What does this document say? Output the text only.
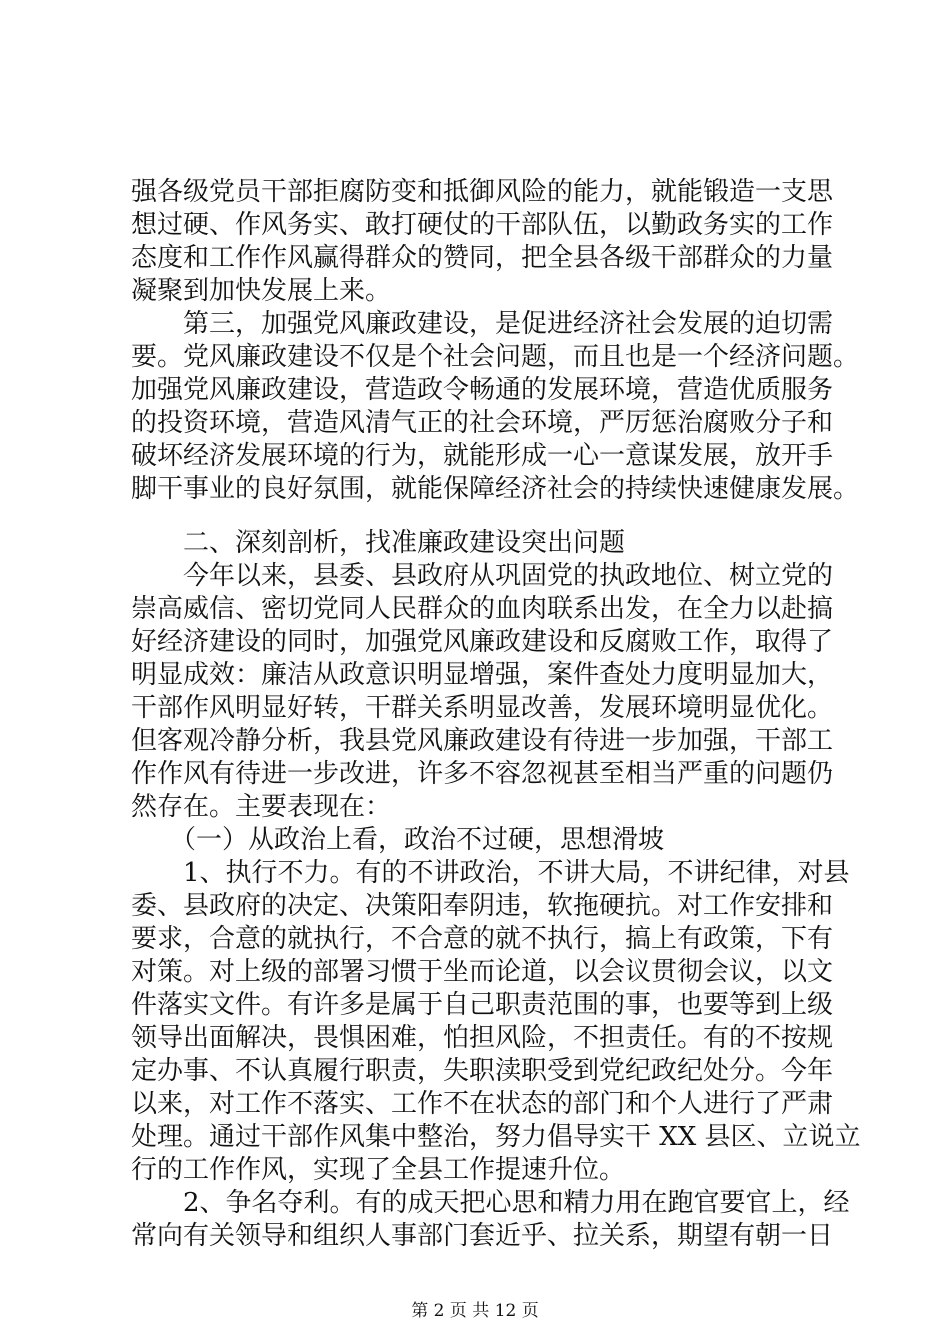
强各级党员干部拒腐防变和抵御风险的能力，就能锻造一支思
想过硬、作风务实、敢打硬仗的干部队伍，以勤政务实的工作
态度和工作作风赢得群众的赞同，把全县各级干部群众的力量
凝聚到加快发展上来。
　　第三，加强党风廉政建设，是促进经济社会发展的迫切需
要。党风廉政建设不仅是个社会问题，而且也是一个经济问题。
加强党风廉政建设，营造政令畅通的发展环境，营造优质服务
的投资环境，营造风清气正的社会环境，严厉惩治腐败分子和
破坏经济发展环境的行为，就能形成一心一意谋发展，放开手
脚干事业的良好氛围，就能保障经济社会的持续快速健康发展。
　　二、深刻剖析，找准廉政建设突出问题
　　今年以来，县委、县政府从巩固党的执政地位、树立党的
崇高威信、密切党同人民群众的血肉联系出发，在全力以赴搞
好经济建设的同时，加强党风廉政建设和反腐败工作，取得了
明显成效：廉洁从政意识明显增强，案件查处力度明显加大，
干部作风明显好转，干群关系明显改善，发展环境明显优化。
但客观冷静分析，我县党风廉政建设有待进一步加强，干部工
作作风有待进一步改进，许多不容忽视甚至相当严重的问题仍
然存在。主要表现在：
　　（一）从政治上看，政治不过硬，思想滑坡
　　1、执行不力。有的不讲政治，不讲大局，不讲纪律，对县
委、县政府的决定、决策阳奉阴违，软拖硬抗。对工作安排和
要求，合意的就执行，不合意的就不执行，搞上有政策，下有
对策。对上级的部署习惯于坐而论道，以会议贯彻会议，以文
件落实文件。有许多是属于自己职责范围的事，也要等到上级
领导出面解决，畏惧困难，怕担风险，不担责任。有的不按规
定办事、不认真履行职责，失职渎职受到党纪政纪处分。今年
以来，对工作不落实、工作不在状态的部门和个人进行了严肃
处理。通过干部作风集中整治，努力倡导实干 XX 县区、立说立
行的工作作风，实现了全县工作提速升位。
　　2、争名夺利。有的成天把心思和精力用在跑官要官上，经
常向有关领导和组织人事部门套近乎、拉关系，期望有朝一日
第 2 页 共 12 页
